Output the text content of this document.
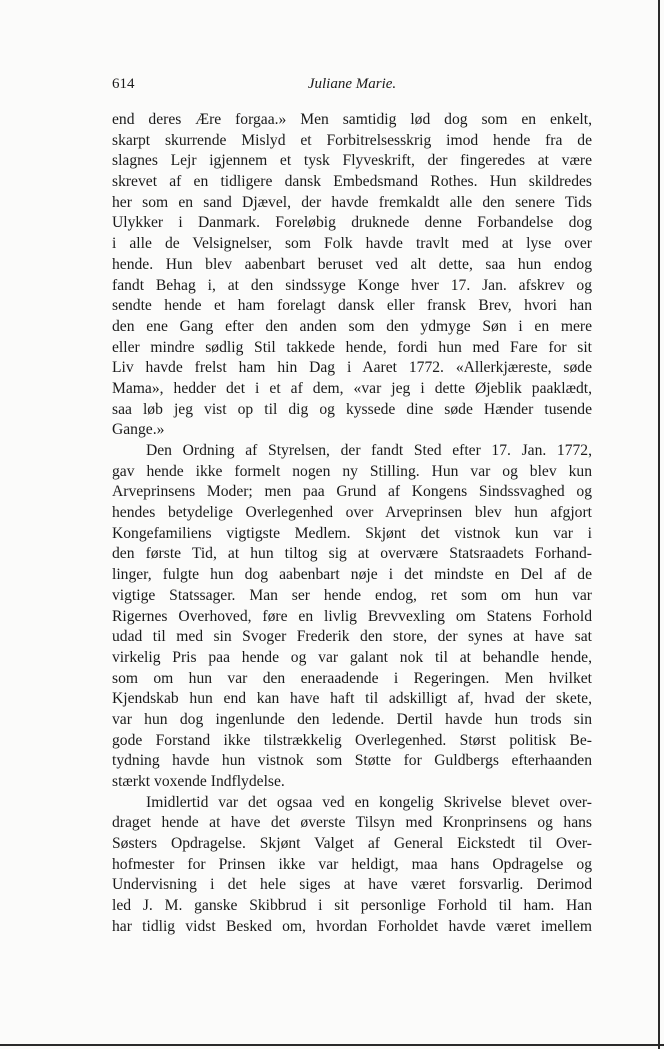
614	Juliane Marie.
end deres Ære forgaa.» Men samtidig lød dog som en enkelt,
skarpt skurrende Mislyd et Forbitrelsesskrig imod hende fra de
slagnes Lejr igjennem et tysk Flyveskrift, der fingeredes at være
skrevet af en tidligere dansk Embedsmand Rothes. Hun skildredes
her som en sand Djævel, der havde fremkaldt alle den senere Tids
Ulykker i Danmark. Foreløbig druknede denne Forbandelse dog
i alle de Velsignelser, som Folk havde travlt med at lyse over
hende. Hun blev aabenbart beruset ved alt dette, saa hun endog
fandt Behag i, at den sindssyge Konge hver 17. Jan. afskrev og
sendte hende et ham forelagt dansk eller fransk Brev, hvori han
den ene Gang efter den anden som den ydmyge Søn i en mere
eller mindre sødlig Stil takkede hende, fordi hun med Fare for sit
Liv havde frelst ham hin Dag i Aaret 1772. «Allerkjæreste, søde
Mama», hedder det i et af dem, «var jeg i dette Øjeblik paaklædt,
saa løb jeg vist op til dig og kyssede dine søde Hænder tusende
Gange.»
Den Ordning af Styrelsen, der fandt Sted efter 17. Jan. 1772,
gav hende ikke formelt nogen ny Stilling. Hun var og blev kun
Arveprinsens Moder; men paa Grund af Kongens Sindssvaghed og
hendes betydelige Overlegenhed over Arveprinsen blev hun afgjort
Kongefamiliens vigtigste Medlem. Skjønt det vistnok kun var i
den første Tid, at hun tiltog sig at overvære Statsraadets Forhand-
linger, fulgte hun dog aabenbart nøje i det mindste en Del af de
vigtige Statssager. Man ser hende endog, ret som om hun var
Rigernes Overhoved, føre en livlig Brevvexling om Statens Forhold
udad til med sin Svoger Frederik den store, der synes at have sat
virkelig Pris paa hende og var galant nok til at behandle hende,
som om hun var den eneraadende i Regeringen. Men hvilket
Kjendskab hun end kan have haft til adskilligt af, hvad der skete,
var hun dog ingenlunde den ledende. Dertil havde hun trods sin
gode Forstand ikke tilstrækkelig Overlegenhed. Størst politisk Be-
tydning havde hun vistnok som Støtte for Guldbergs efterhaanden
stærkt voxende Indflydelse.
Imidlertid var det ogsaa ved en kongelig Skrivelse blevet over-
draget hende at have det øverste Tilsyn med Kronprinsens og hans
Søsters Opdragelse. Skjønt Valget af General Eickstedt til Over-
hofmester for Prinsen ikke var heldigt, maa hans Opdragelse og
Undervisning i det hele siges at have været forsvarlig. Derimod
led J. M. ganske Skibbrud i sit personlige Forhold til ham. Han
har tidlig vidst Besked om, hvordan Forholdet havde været imellem
